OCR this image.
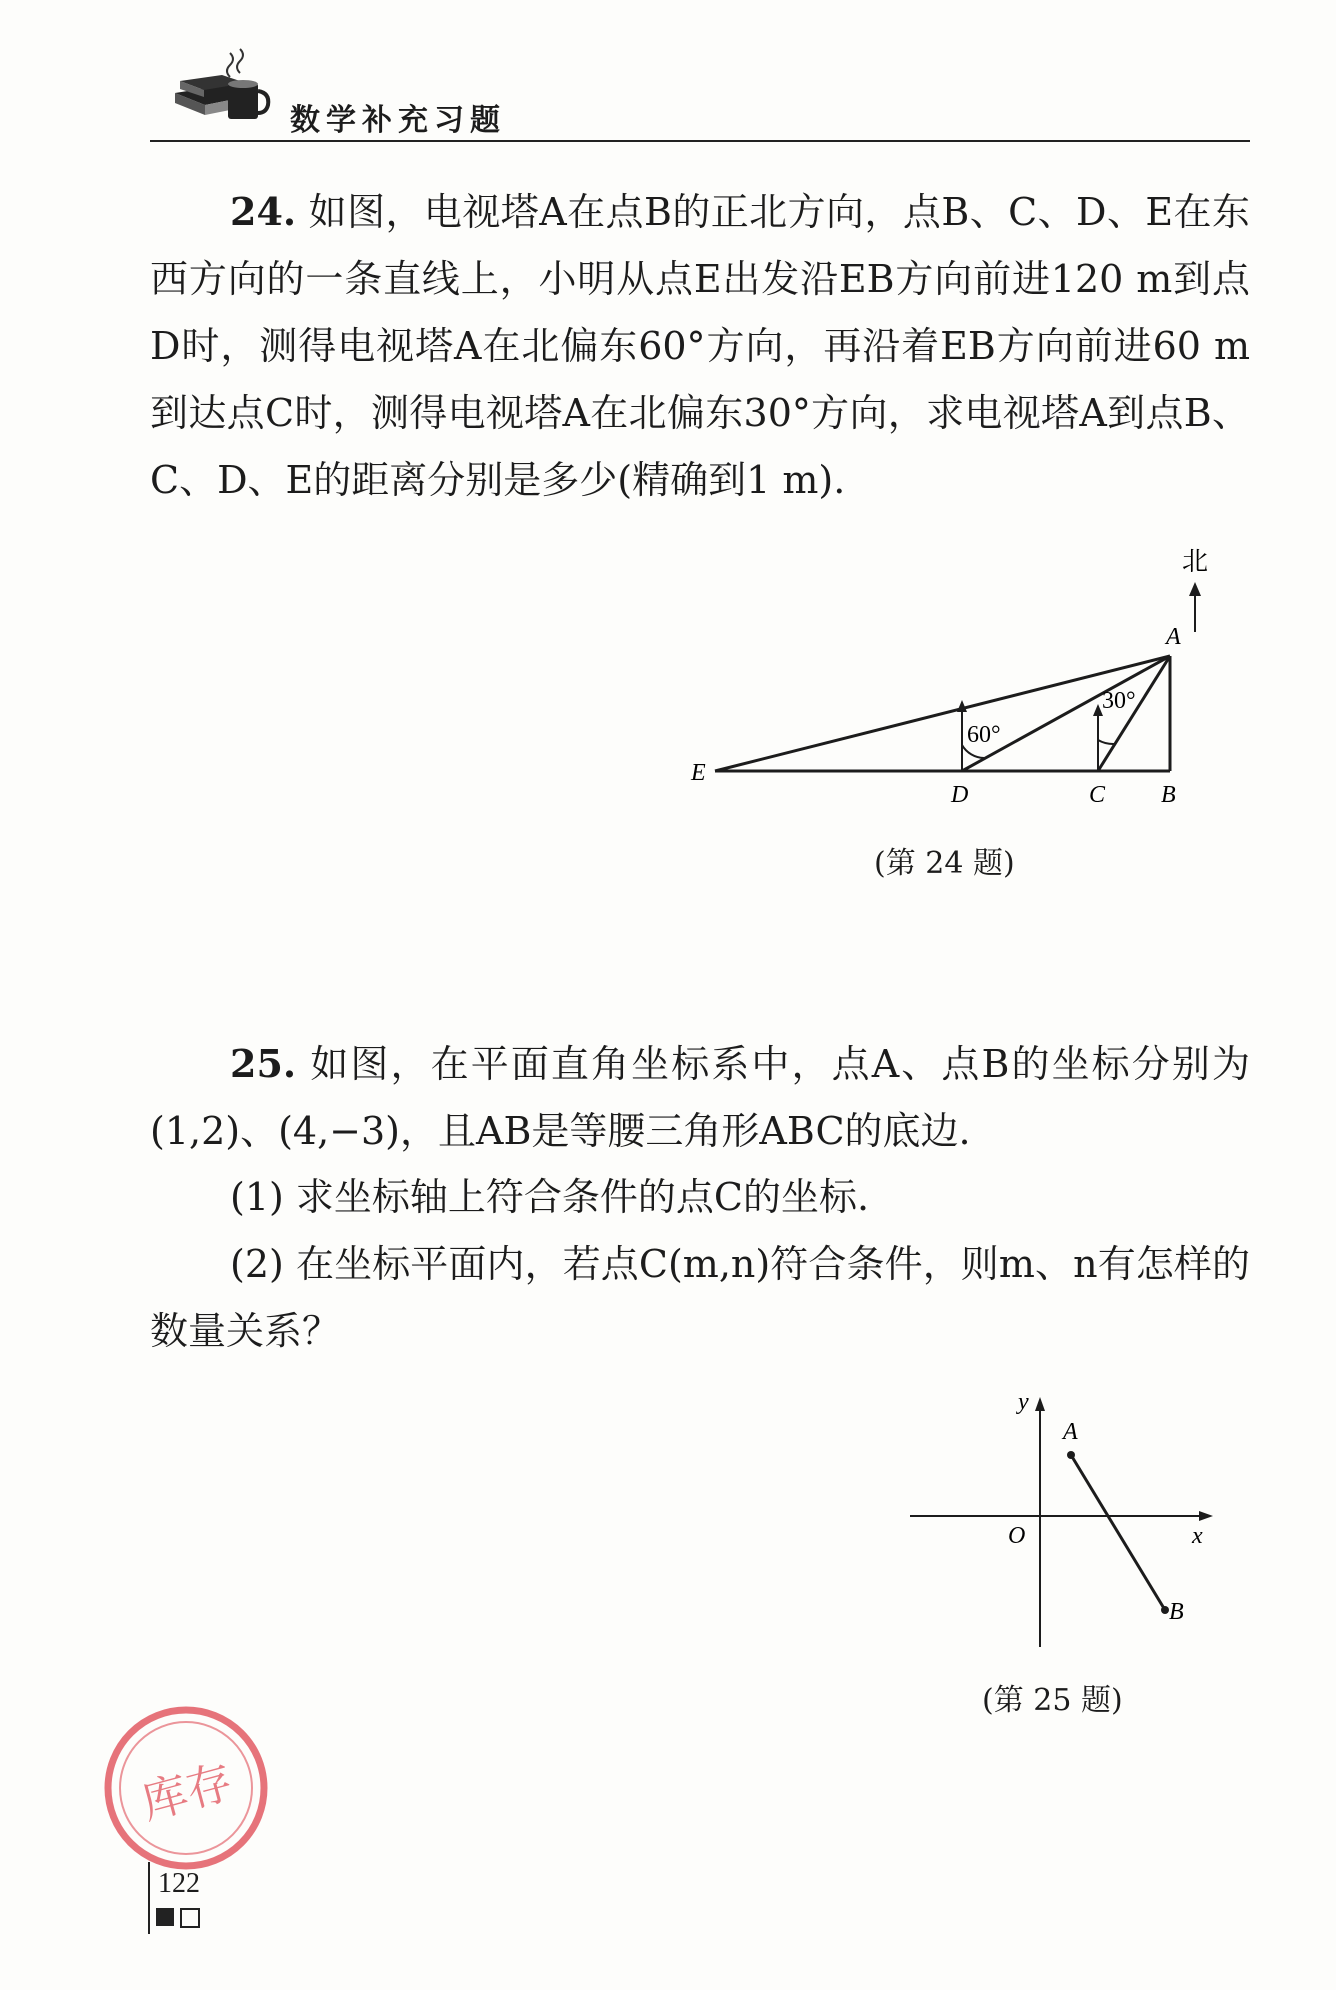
数学补充习题
24. 如图，电视塔A在点B的正北方向，点B、C、D、E在东西方向的一条直线上，小明从点E出发沿EB方向前进120 m到点D时，测得电视塔A在北偏东60°方向，再沿着EB方向前进60 m到达点C时，测得电视塔A在北偏东30°方向，求电视塔A到点B、C、D、E的距离分别是多少(精确到1 m).
北
60°
30°
A
E
D	C B
(第 24 题)
25. 如图，在平面直角坐标系中，点A、点B的坐标分别为(1,2)、(4,−3)，且AB是等腰三角形ABC的底边.
(1) 求坐标轴上符合条件的点C的坐标.
(2) 在坐标平面内，若点C(m,n)符合条件，则m、n有怎样的数量关系？
y
x
O
A
B
(第 25 题)
库存
122
